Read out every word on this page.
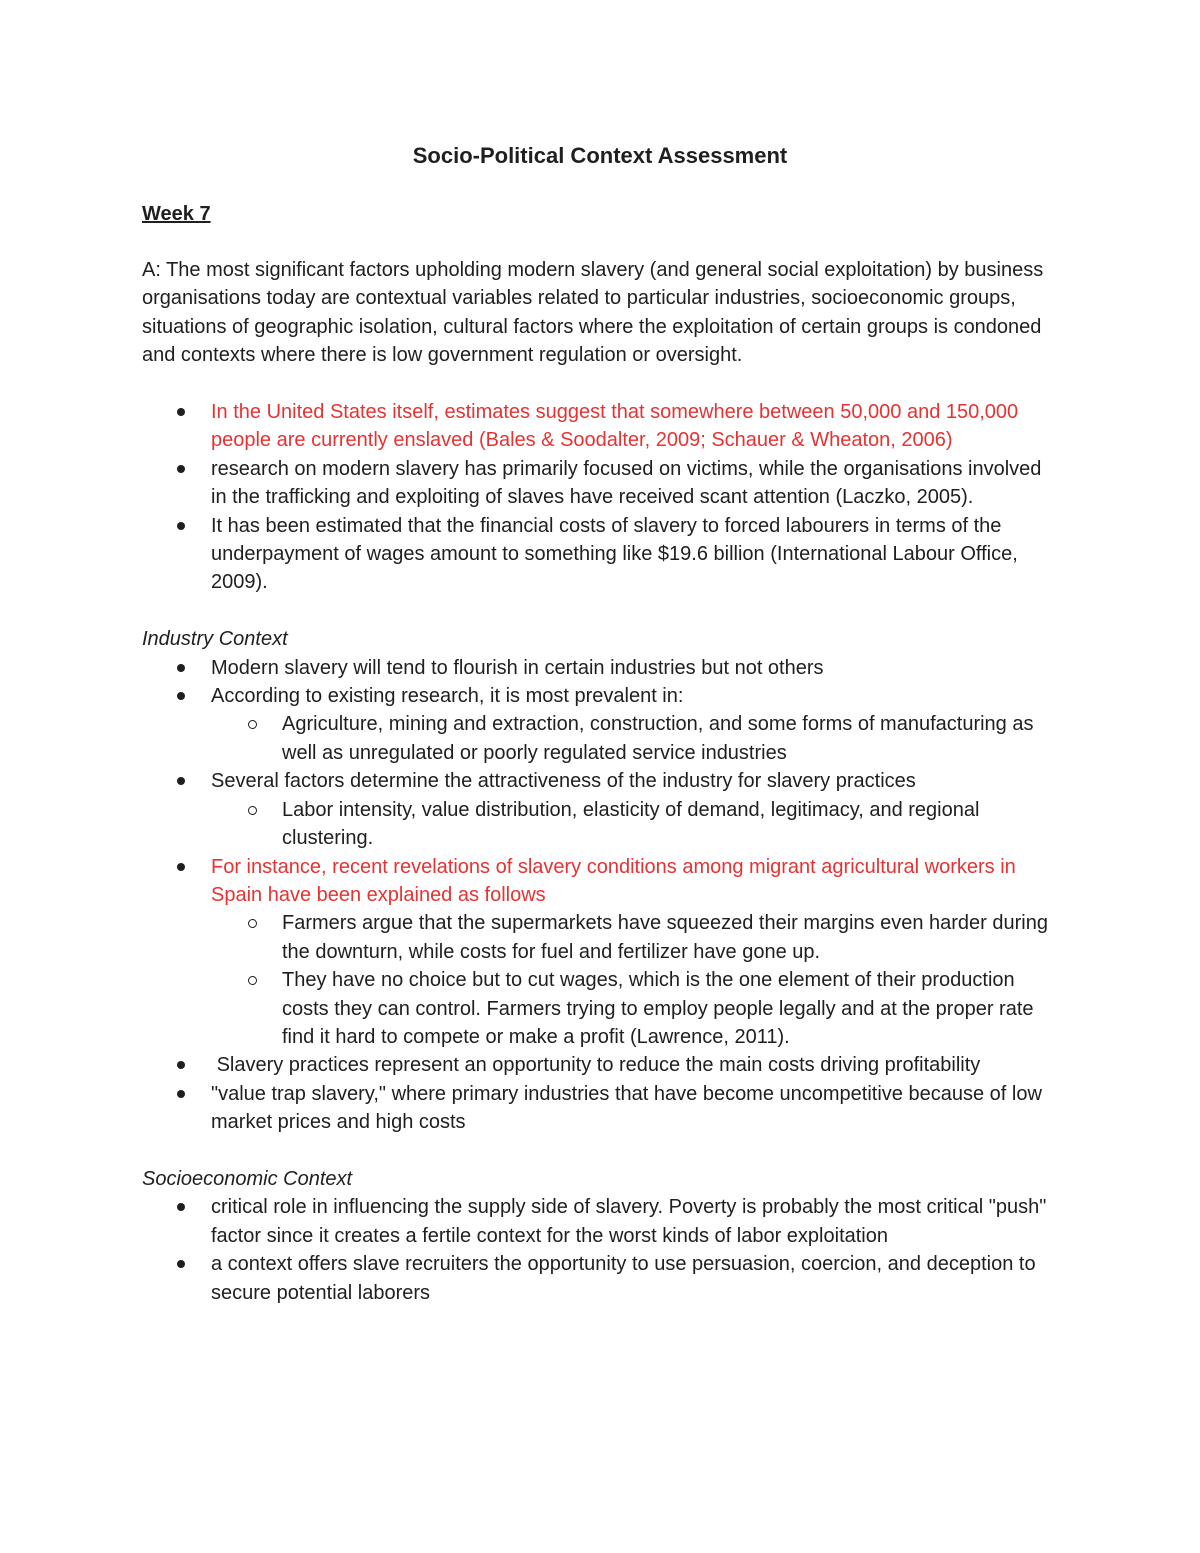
Socio-Political Context Assessment

Week 7

A: The most significant factors upholding modern slavery (and general social exploitation) by business organisations today are contextual variables related to particular industries, socioeconomic groups, situations of geographic isolation, cultural factors where the exploitation of certain groups is condoned and contexts where there is low government regulation or oversight.

In the United States itself, estimates suggest that somewhere between 50,000 and 150,000 people are currently enslaved (Bales & Soodalter, 2009; Schauer & Wheaton, 2006)
research on modern slavery has primarily focused on victims, while the organisations involved in the trafficking and exploiting of slaves have received scant attention (Laczko, 2005).
It has been estimated that the financial costs of slavery to forced labourers in terms of the underpayment of wages amount to something like $19.6 billion (International Labour Office, 2009).

Industry Context

Modern slavery will tend to flourish in certain industries but not others
According to existing research, it is most prevalent in:
Agriculture, mining and extraction, construction, and some forms of manufacturing as well as unregulated or poorly regulated service industries
Several factors determine the attractiveness of the industry for slavery practices
Labor intensity, value distribution, elasticity of demand, legitimacy, and regional clustering.
For instance, recent revelations of slavery conditions among migrant agricultural workers in Spain have been explained as follows
Farmers argue that the supermarkets have squeezed their margins even harder during the downturn, while costs for fuel and fertilizer have gone up.
They have no choice but to cut wages, which is the one element of their production costs they can control. Farmers trying to employ people legally and at the proper rate find it hard to compete or make a profit (Lawrence, 2011).
Slavery practices represent an opportunity to reduce the main costs driving profitability
"value trap slavery," where primary industries that have become uncompetitive because of low market prices and high costs

Socioeconomic Context

critical role in influencing the supply side of slavery. Poverty is probably the most critical "push" factor since it creates a fertile context for the worst kinds of labor exploitation
a context offers slave recruiters the opportunity to use persuasion, coercion, and deception to secure potential laborers
